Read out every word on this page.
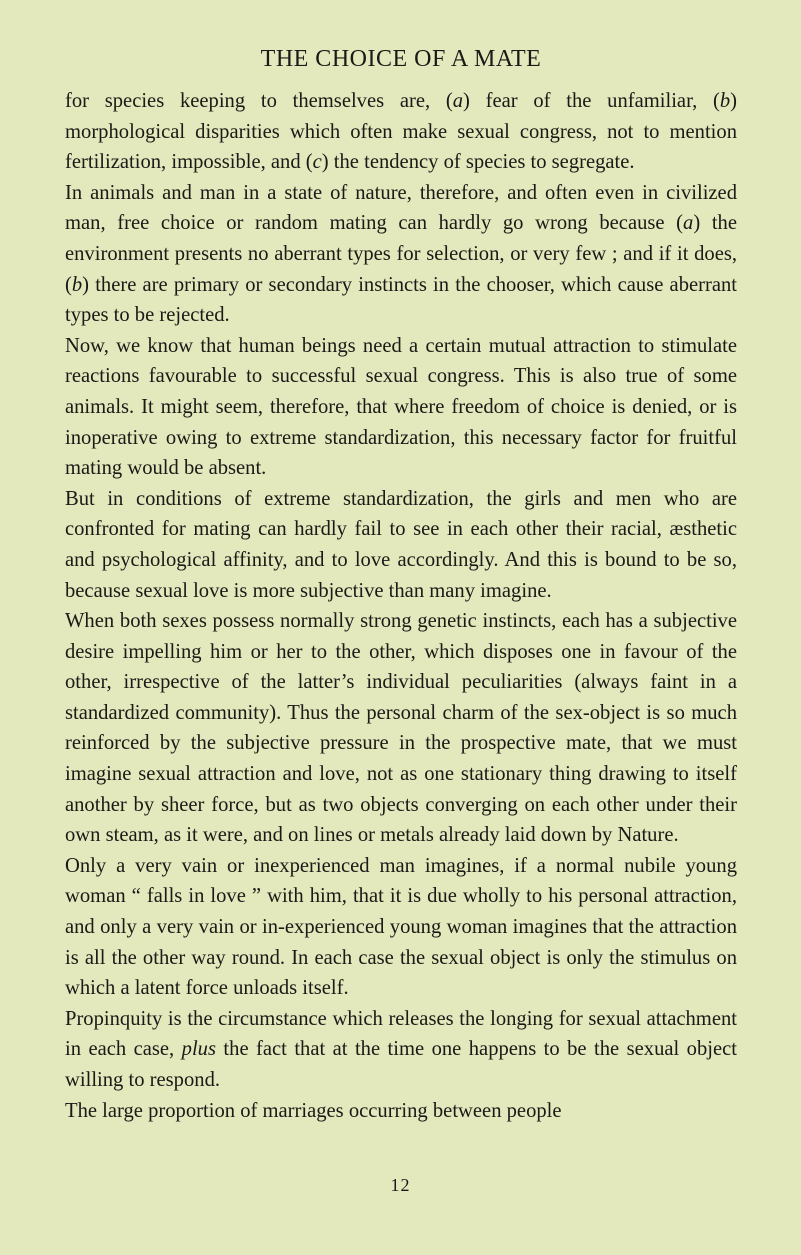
THE CHOICE OF A MATE

for species keeping to themselves are, (a) fear of the unfamiliar, (b) morphological disparities which often make sexual congress, not to mention fertilization, impossible, and (c) the tendency of species to segregate.

In animals and man in a state of nature, therefore, and often even in civilized man, free choice or random mating can hardly go wrong because (a) the environment presents no aberrant types for selection, or very few ; and if it does, (b) there are primary or secondary instincts in the chooser, which cause aberrant types to be rejected.

Now, we know that human beings need a certain mutual attraction to stimulate reactions favourable to successful sexual congress. This is also true of some animals. It might seem, therefore, that where freedom of choice is denied, or is inoperative owing to extreme standardization, this necessary factor for fruitful mating would be absent.

But in conditions of extreme standardization, the girls and men who are confronted for mating can hardly fail to see in each other their racial, æsthetic and psychological affinity, and to love accordingly. And this is bound to be so, because sexual love is more subjective than many imagine.

When both sexes possess normally strong genetic instincts, each has a subjective desire impelling him or her to the other, which disposes one in favour of the other, irrespective of the latter’s individual peculiarities (always faint in a standardized community). Thus the personal charm of the sex-object is so much reinforced by the subjective pressure in the prospective mate, that we must imagine sexual attraction and love, not as one stationary thing drawing to itself another by sheer force, but as two objects converging on each other under their own steam, as it were, and on lines or metals already laid down by Nature.

Only a very vain or inexperienced man imagines, if a normal nubile young woman “ falls in love ” with him, that it is due wholly to his personal attraction, and only a very vain or in-experienced young woman imagines that the attraction is all the other way round. In each case the sexual object is only the stimulus on which a latent force unloads itself.

Propinquity is the circumstance which releases the longing for sexual attachment in each case, plus the fact that at the time one happens to be the sexual object willing to respond.

The large proportion of marriages occurring between people

12
